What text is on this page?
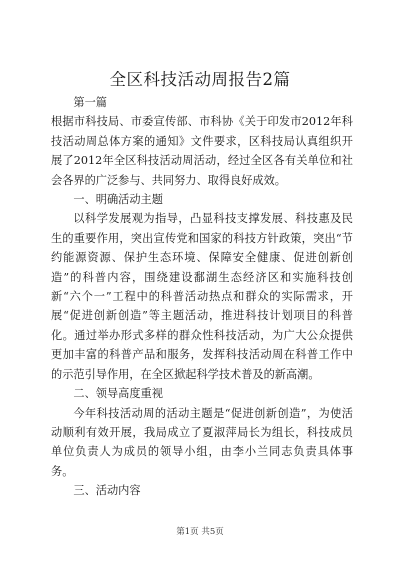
全区科技活动周报告2篇

第一篇

根据市科技局、市委宣传部、市科协《关于印发市2012年科技活动周总体方案的通知》文件要求，区科技局认真组织开展了2012年全区科技活动周活动，经过全区各有关单位和社会各界的广泛参与、共同努力、取得良好成效。

一、明确活动主题

以科学发展观为指导，凸显科技支撑发展、科技惠及民生的重要作用，突出宣传党和国家的科技方针政策，突出“节约能源资源、保护生态环境、保障安全健康、促进创新创造”的科普内容，围绕建设鄱湖生态经济区和实施科技创新“六个一”工程中的科普活动热点和群众的实际需求，开展“促进创新创造”等主题活动，推进科技计划项目的科普化。通过举办形式多样的群众性科技活动，为广大公众提供更加丰富的科普产品和服务，发挥科技活动周在科普工作中的示范引导作用，在全区掀起科学技术普及的新高潮。

二、领导高度重视

今年科技活动周的活动主题是“促进创新创造”，为使活动顺利有效开展，我局成立了夏淑萍局长为组长，科技成员单位负责人为成员的领导小组，由李小兰同志负责具体事务。

三、活动内容

第1页 共5页
